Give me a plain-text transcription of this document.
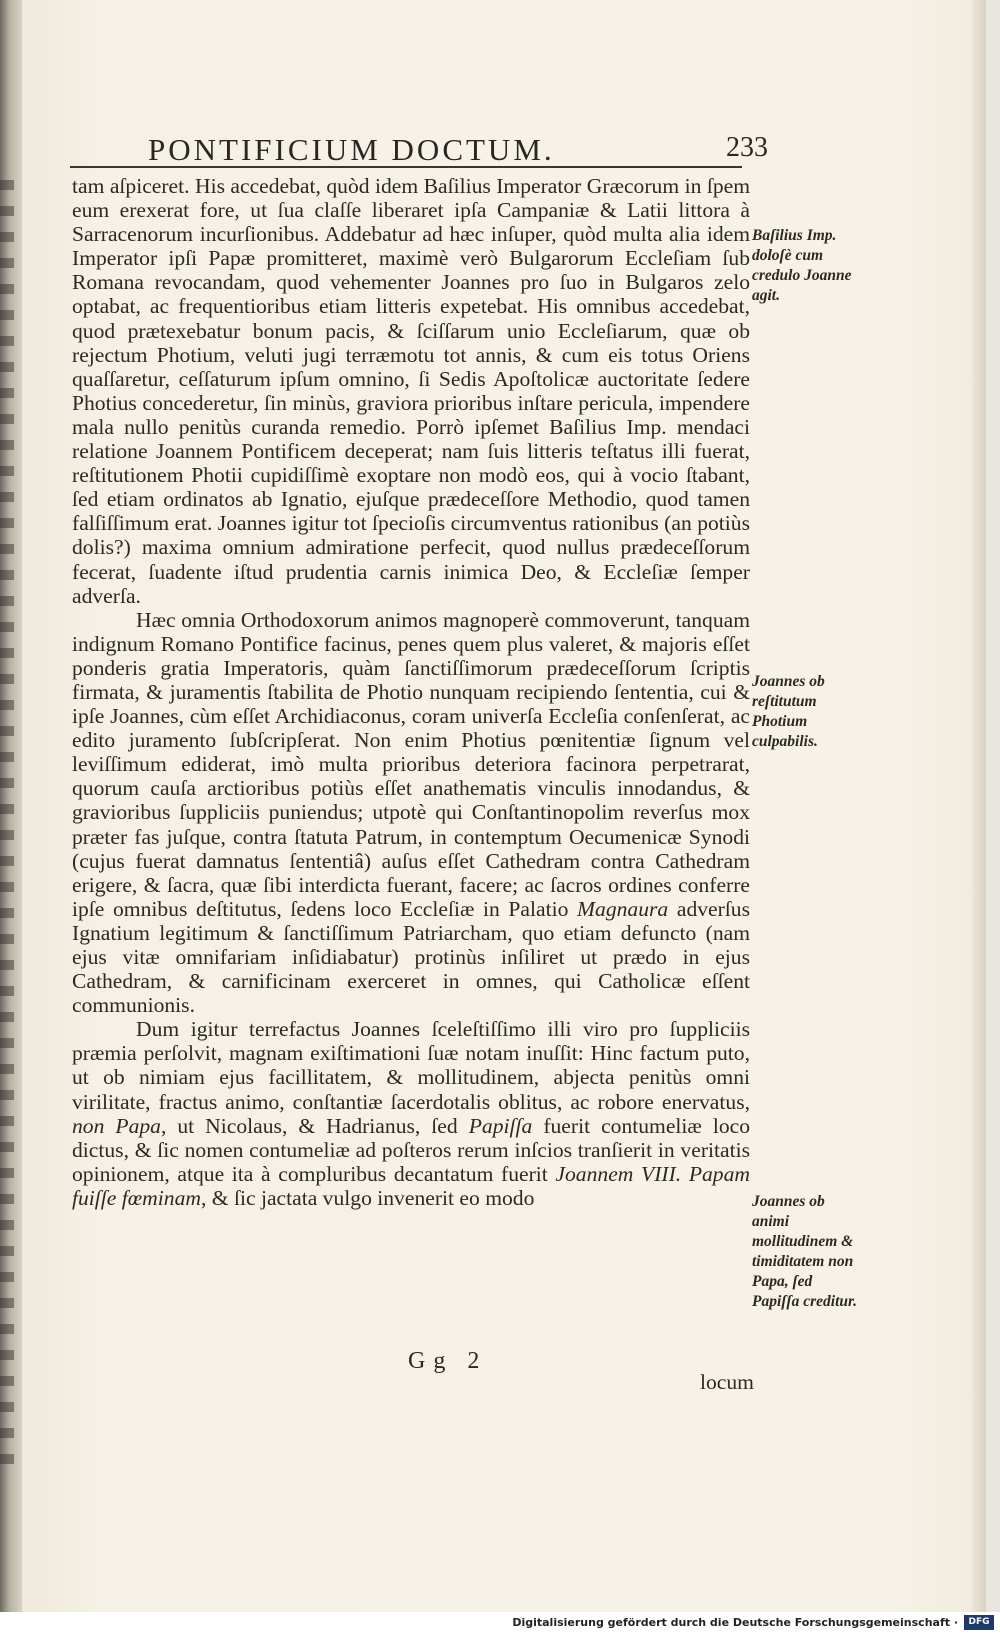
PONTIFICIUM DOCTUM.	233

tam aſpiceret. His accedebat, quòd idem Baſilius Imperator Græcorum in ſpem eum erexerat fore, ut ſua claſſe liberaret ipſa Campaniæ & Latii littora à Sarracenorum incurſionibus. Addebatur ad hæc inſuper, quòd multa alia idem Imperator ipſi Papæ promitteret, maximè verò Bulgarorum Eccleſiam ſub Romana revocandam, quod vehementer Joannes pro ſuo in Bulgaros zelo optabat, ac frequentioribus etiam litteris expetebat. His omnibus accedebat, quod prætexebatur bonum pacis, & ſciſſarum unio Eccleſiarum, quæ ob rejectum Photium, veluti jugi terræmotu tot annis, & cum eis totus Oriens quaſſaretur, ceſſaturum ipſum omnino, ſi Sedis Apoſtolicæ auctoritate ſedere Photius concederetur, ſin minùs, graviora prioribus inſtare pericula, impendere mala nullo penitùs curanda remedio. Porrò ipſemet Baſilius Imp. mendaci relatione Joannem Pontificem deceperat; nam ſuis litteris teſtatus illi fuerat, reſtitutionem Photii cupidiſſimè exoptare non modò eos, qui à vocio ſtabant, ſed etiam ordinatos ab Ignatio, ejuſque prædeceſſore Methodio, quod tamen falſiſſimum erat. Joannes igitur tot ſpecioſis circumventus rationibus (an potiùs dolis?) maxima omnium admiratione perfecit, quod nullus prædeceſſorum fecerat, ſuadente iſtud prudentia carnis inimica Deo, & Eccleſiæ ſemper adverſa.

Hæc omnia Orthodoxorum animos magnoperè commoverunt, tanquam indignum Romano Pontifice facinus, penes quem plus valeret, & majoris eſſet ponderis gratia Imperatoris, quàm ſanctiſſimorum prædeceſſorum ſcriptis firmata, & juramentis ſtabilita de Photio nunquam recipiendo ſententia, cui & ipſe Joannes, cùm eſſet Archidiaconus, coram univerſa Eccleſia conſenſerat, ac edito juramento ſubſcripſerat. Non enim Photius pœnitentiæ ſignum vel leviſſimum ediderat, imò multa prioribus deteriora facinora perpetrarat, quorum cauſa arctioribus potiùs eſſet anathematis vinculis innodandus, & gravioribus ſuppliciis puniendus; utpotè qui Conſtantinopolim reverſus mox præter fas juſque, contra ſtatuta Patrum, in contemptum Oecumenicæ Synodi (cujus fuerat damnatus ſententiâ) auſus eſſet Cathedram contra Cathedram erigere, & ſacra, quæ ſibi interdicta fuerant, facere; ac ſacros ordines conferre ipſe omnibus deſtitutus, ſedens loco Eccleſiæ in Palatio Magnaura adverſus Ignatium legitimum & ſanctiſſimum Patriarcham, quo etiam defuncto (nam ejus vitæ omnifariam inſidiabatur) protinùs inſiliret ut prædo in ejus Cathedram, & carnificinam exerceret in omnes, qui Catholicæ eſſent communionis.

Dum igitur terrefactus Joannes ſceleſtiſſimo illi viro pro ſuppliciis præmia perſolvit, magnam exiſtimationi ſuæ notam inuſſit: Hinc factum puto, ut ob nimiam ejus facillitatem, & mollitudinem, abjecta penitùs omni virilitate, fractus animo, conſtantiæ ſacerdotalis oblitus, ac robore enervatus, non Papa, ut Nicolaus, & Hadrianus, ſed Papiſſa fuerit contumeliæ loco dictus, & ſic nomen contumeliæ ad poſteros rerum inſcios tranſierit in veritatis opinionem, atque ita à compluribus decantatum fuerit Joannem VIII. Papam fuiſſe fœminam, & ſic jactata vulgo invenerit eo modo

Baſilius Imp. doloſè cum credulo Joanne agit.
Joannes ob reſtitutum Photium culpabilis.
Joannes ob animi mollitudinem & timiditatem non Papa, ſed Papiſſa creditur.
Gg 2
locum
Digitalisierung gefördert durch die Deutsche Forschungsgemeinschaft ·	DFG
